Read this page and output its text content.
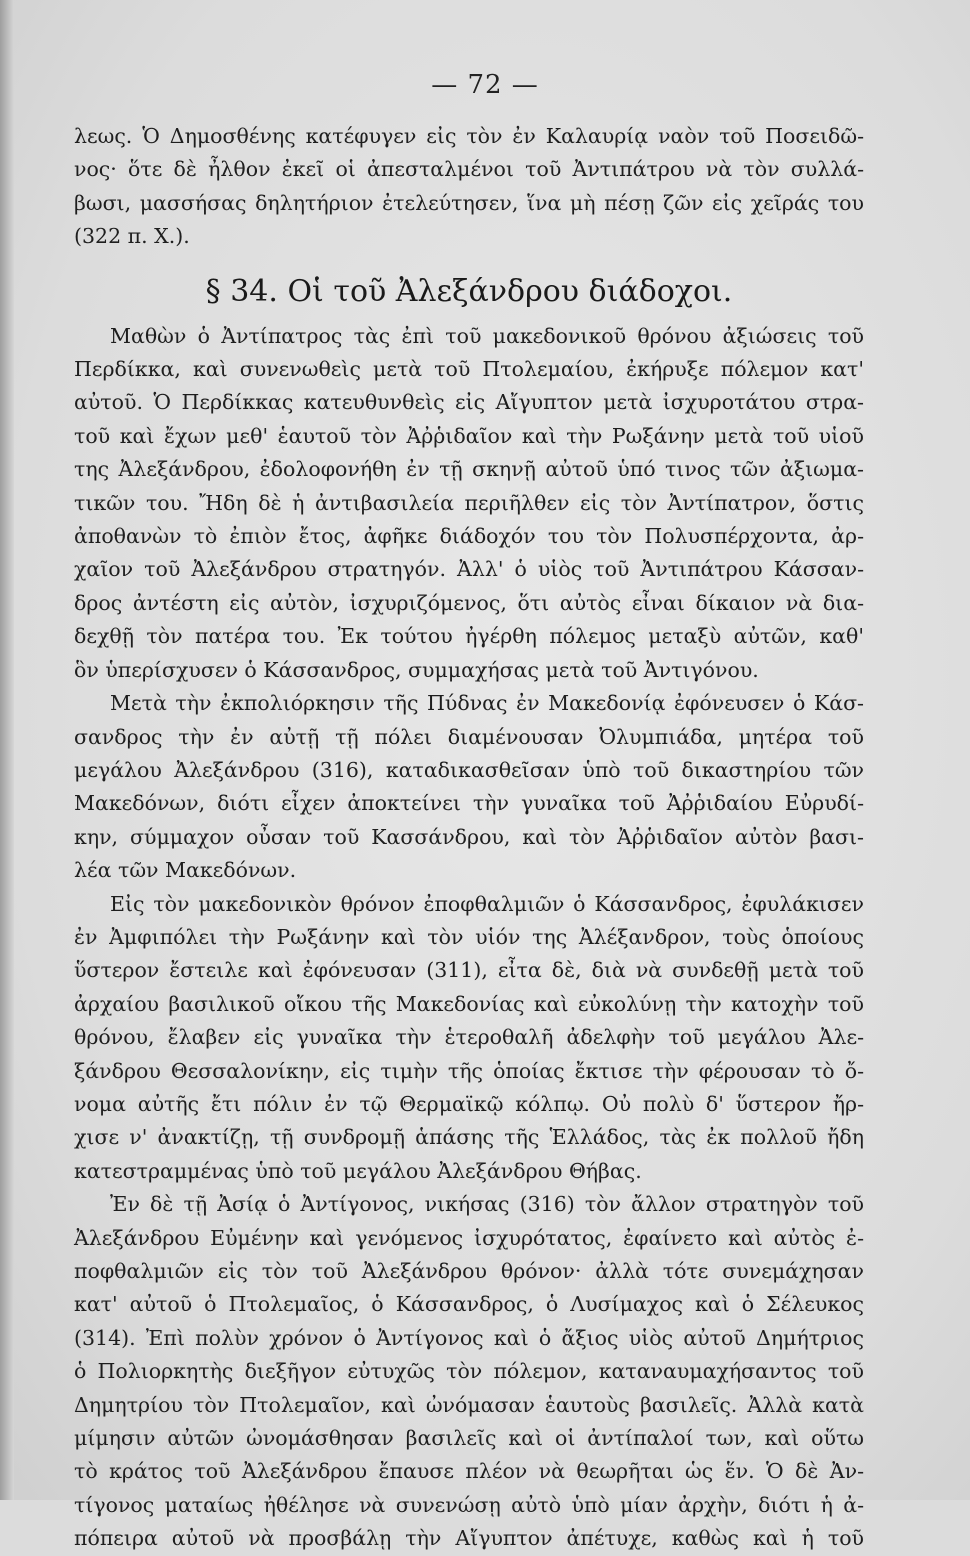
— 72 —
λεως. Ὁ Δημοσθένης κατέφυγεν εἰς τὸν ἐν Καλαυρίᾳ ναὸν τοῦ Ποσειδῶ-
νος· ὅτε δὲ ἦλθον ἐκεῖ οἱ ἀπεσταλμένοι τοῦ Ἀντιπάτρου νὰ τὸν συλλά-
βωσι, μασσήσας δηλητήριον ἐτελεύτησεν, ἵνα μὴ πέσῃ ζῶν εἰς χεῖράς του
(322 π. Χ.).
§ 34. Οἱ τοῦ Ἀλεξάνδρου διάδοχοι.
Μαθὼν ὁ Ἀντίπατρος τὰς ἐπὶ τοῦ μακεδονικοῦ θρόνου ἀξιώσεις τοῦ
Περδίκκα, καὶ συνενωθεὶς μετὰ τοῦ Πτολεμαίου, ἐκήρυξε πόλεμον κατ'
αὐτοῦ. Ὁ Περδίκκας κατευθυνθεὶς εἰς Αἴγυπτον μετὰ ἰσχυροτάτου στρα-
τοῦ καὶ ἔχων μεθ' ἑαυτοῦ τὸν Ἀῤῥιδαῖον καὶ τὴν Ρωξάνην μετὰ τοῦ υἱοῦ
της Ἀλεξάνδρου, ἐδολοφονήθη ἐν τῇ σκηνῇ αὐτοῦ ὑπό τινος τῶν ἀξιωμα-
τικῶν του. Ἤδη δὲ ἡ ἀντιβασιλεία περιῆλθεν εἰς τὸν Ἀντίπατρον, ὅστις
ἀποθανὼν τὸ ἐπιὸν ἔτος, ἀφῆκε διάδοχόν του τὸν Πολυσπέρχοντα, ἀρ-
χαῖον τοῦ Ἀλεξάνδρου στρατηγόν. Ἀλλ' ὁ υἱὸς τοῦ Ἀντιπάτρου Κάσσαν-
δρος ἀντέστη εἰς αὐτὸν, ἰσχυριζόμενος, ὅτι αὐτὸς εἶναι δίκαιον νὰ δια-
δεχθῇ τὸν πατέρα του. Ἐκ τούτου ἠγέρθη πόλεμος μεταξὺ αὐτῶν, καθ'
ὃν ὑπερίσχυσεν ὁ Κάσσανδρος, συμμαχήσας μετὰ τοῦ Ἀντιγόνου.
Μετὰ τὴν ἐκπολιόρκησιν τῆς Πύδνας ἐν Μακεδονίᾳ ἐφόνευσεν ὁ Κάσ-
σανδρος τὴν ἐν αὐτῇ τῇ πόλει διαμένουσαν Ὀλυμπιάδα, μητέρα τοῦ
μεγάλου Ἀλεξάνδρου (316), καταδικασθεῖσαν ὑπὸ τοῦ δικαστηρίου τῶν
Μακεδόνων, διότι εἶχεν ἀποκτείνει τὴν γυναῖκα τοῦ Ἀῤῥιδαίου Εὐρυδί-
κην, σύμμαχον οὖσαν τοῦ Κασσάνδρου, καὶ τὸν Ἀῤῥιδαῖον αὐτὸν βασι-
λέα τῶν Μακεδόνων.
Εἰς τὸν μακεδονικὸν θρόνον ἐποφθαλμιῶν ὁ Κάσσανδρος, ἐφυλάκισεν
ἐν Ἀμφιπόλει τὴν Ρωξάνην καὶ τὸν υἱόν της Ἀλέξανδρον, τοὺς ὁποίους
ὕστερον ἔστειλε καὶ ἐφόνευσαν (311), εἶτα δὲ, διὰ νὰ συνδεθῇ μετὰ τοῦ
ἀρχαίου βασιλικοῦ οἴκου τῆς Μακεδονίας καὶ εὐκολύνῃ τὴν κατοχὴν τοῦ
θρόνου, ἔλαβεν εἰς γυναῖκα τὴν ἑτεροθαλῆ ἀδελφὴν τοῦ μεγάλου Ἀλε-
ξάνδρου Θεσσαλονίκην, εἰς τιμὴν τῆς ὁποίας ἔκτισε τὴν φέρουσαν τὸ ὄ-
νομα αὐτῆς ἔτι πόλιν ἐν τῷ Θερμαϊκῷ κόλπῳ. Οὐ πολὺ δ' ὕστερον ἤρ-
χισε ν' ἀνακτίζῃ, τῇ συνδρομῇ ἁπάσης τῆς Ἑλλάδος, τὰς ἐκ πολλοῦ ἤδη
κατεστραμμένας ὑπὸ τοῦ μεγάλου Ἀλεξάνδρου Θήβας.
Ἐν δὲ τῇ Ἀσίᾳ ὁ Ἀντίγονος, νικήσας (316) τὸν ἄλλον στρατηγὸν τοῦ
Ἀλεξάνδρου Εὐμένην καὶ γενόμενος ἰσχυρότατος, ἐφαίνετο καὶ αὐτὸς ἐ-
ποφθαλμιῶν εἰς τὸν τοῦ Ἀλεξάνδρου θρόνον· ἀλλὰ τότε συνεμάχησαν
κατ' αὐτοῦ ὁ Πτολεμαῖος, ὁ Κάσσανδρος, ὁ Λυσίμαχος καὶ ὁ Σέλευκος
(314). Ἐπὶ πολὺν χρόνον ὁ Ἀντίγονος καὶ ὁ ἄξιος υἱὸς αὐτοῦ Δημήτριος
ὁ Πολιορκητὴς διεξῆγον εὐτυχῶς τὸν πόλεμον, καταναυμαχήσαντος τοῦ
Δημητρίου τὸν Πτολεμαῖον, καὶ ὠνόμασαν ἑαυτοὺς βασιλεῖς. Ἀλλὰ κατὰ
μίμησιν αὐτῶν ὠνομάσθησαν βασιλεῖς καὶ οἱ ἀντίπαλοί των, καὶ οὕτω
τὸ κράτος τοῦ Ἀλεξάνδρου ἔπαυσε πλέον νὰ θεωρῆται ὡς ἕν. Ὁ δὲ Ἀν-
τίγονος ματαίως ἠθέλησε νὰ συνενώσῃ αὐτὸ ὑπὸ μίαν ἀρχὴν, διότι ἡ ἀ-
πόπειρα αὐτοῦ νὰ προσβάλῃ τὴν Αἴγυπτον ἀπέτυχε, καθὼς καὶ ἡ τοῦ
